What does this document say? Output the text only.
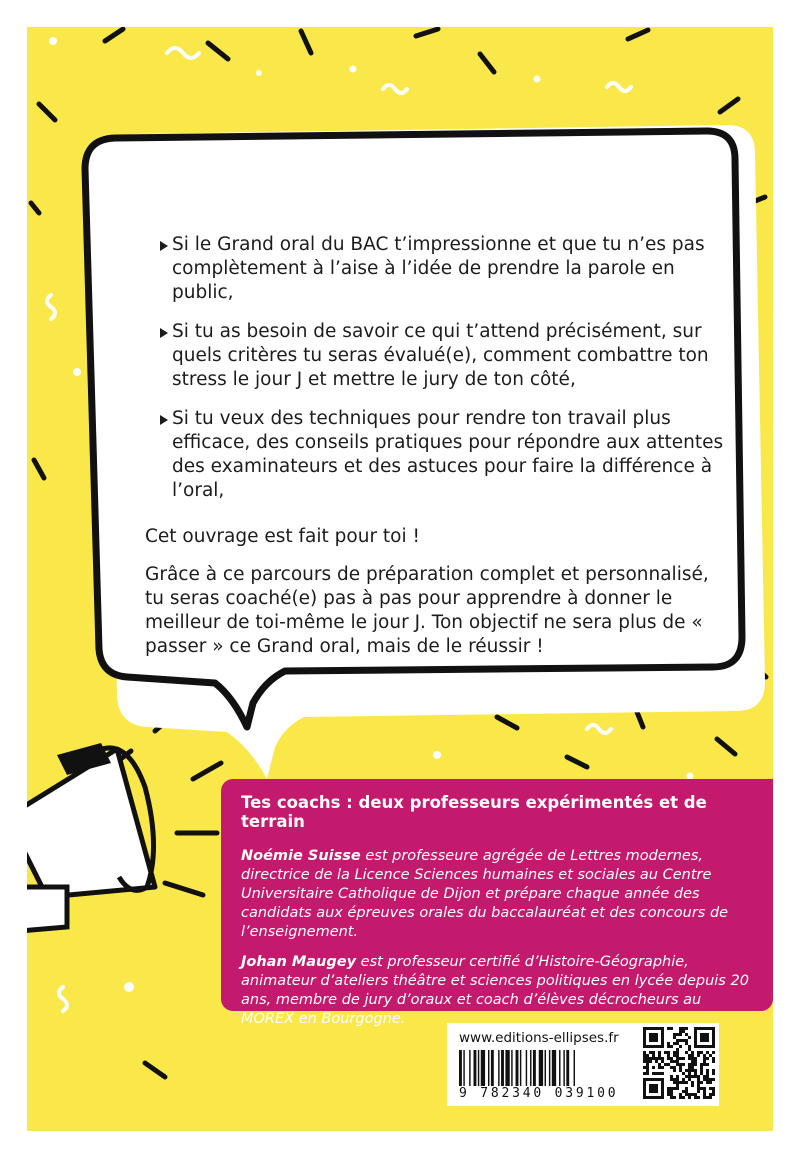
Si le Grand oral du BAC t’impressionne et que tu n’es pas complètement à l’aise à l’idée de prendre la parole en public,
Si tu as besoin de savoir ce qui t’attend précisément, sur quels critères tu seras évalué(e), comment combattre ton stress le jour J et mettre le jury de ton côté,
Si tu veux des techniques pour rendre ton travail plus efficace, des conseils pratiques pour répondre aux attentes des examinateurs et des astuces pour faire la différence à l’oral,

Cet ouvrage est fait pour toi !

Grâce à ce parcours de préparation complet et personnalisé, tu seras coaché(e) pas à pas pour apprendre à donner le meilleur de toi-même le jour J. Ton objectif ne sera plus de « passer » ce Grand oral, mais de le réussir !

Tes coachs : deux professeurs expérimentés et de terrain
Noémie Suisse est professeure agrégée de Lettres modernes, directrice de la Licence Sciences humaines et sociales au Centre Universitaire Catholique de Dijon et prépare chaque année des candidats aux épreuves orales du baccalauréat et des concours de l’enseignement.
Johan Maugey est professeur certifié d’Histoire-Géographie, animateur d’ateliers théâtre et sciences politiques en lycée depuis 20 ans, membre de jury d’oraux et coach d’élèves décrocheurs au MOREX en Bourgogne.
www.editions-ellipses.fr
9 782340 039100
